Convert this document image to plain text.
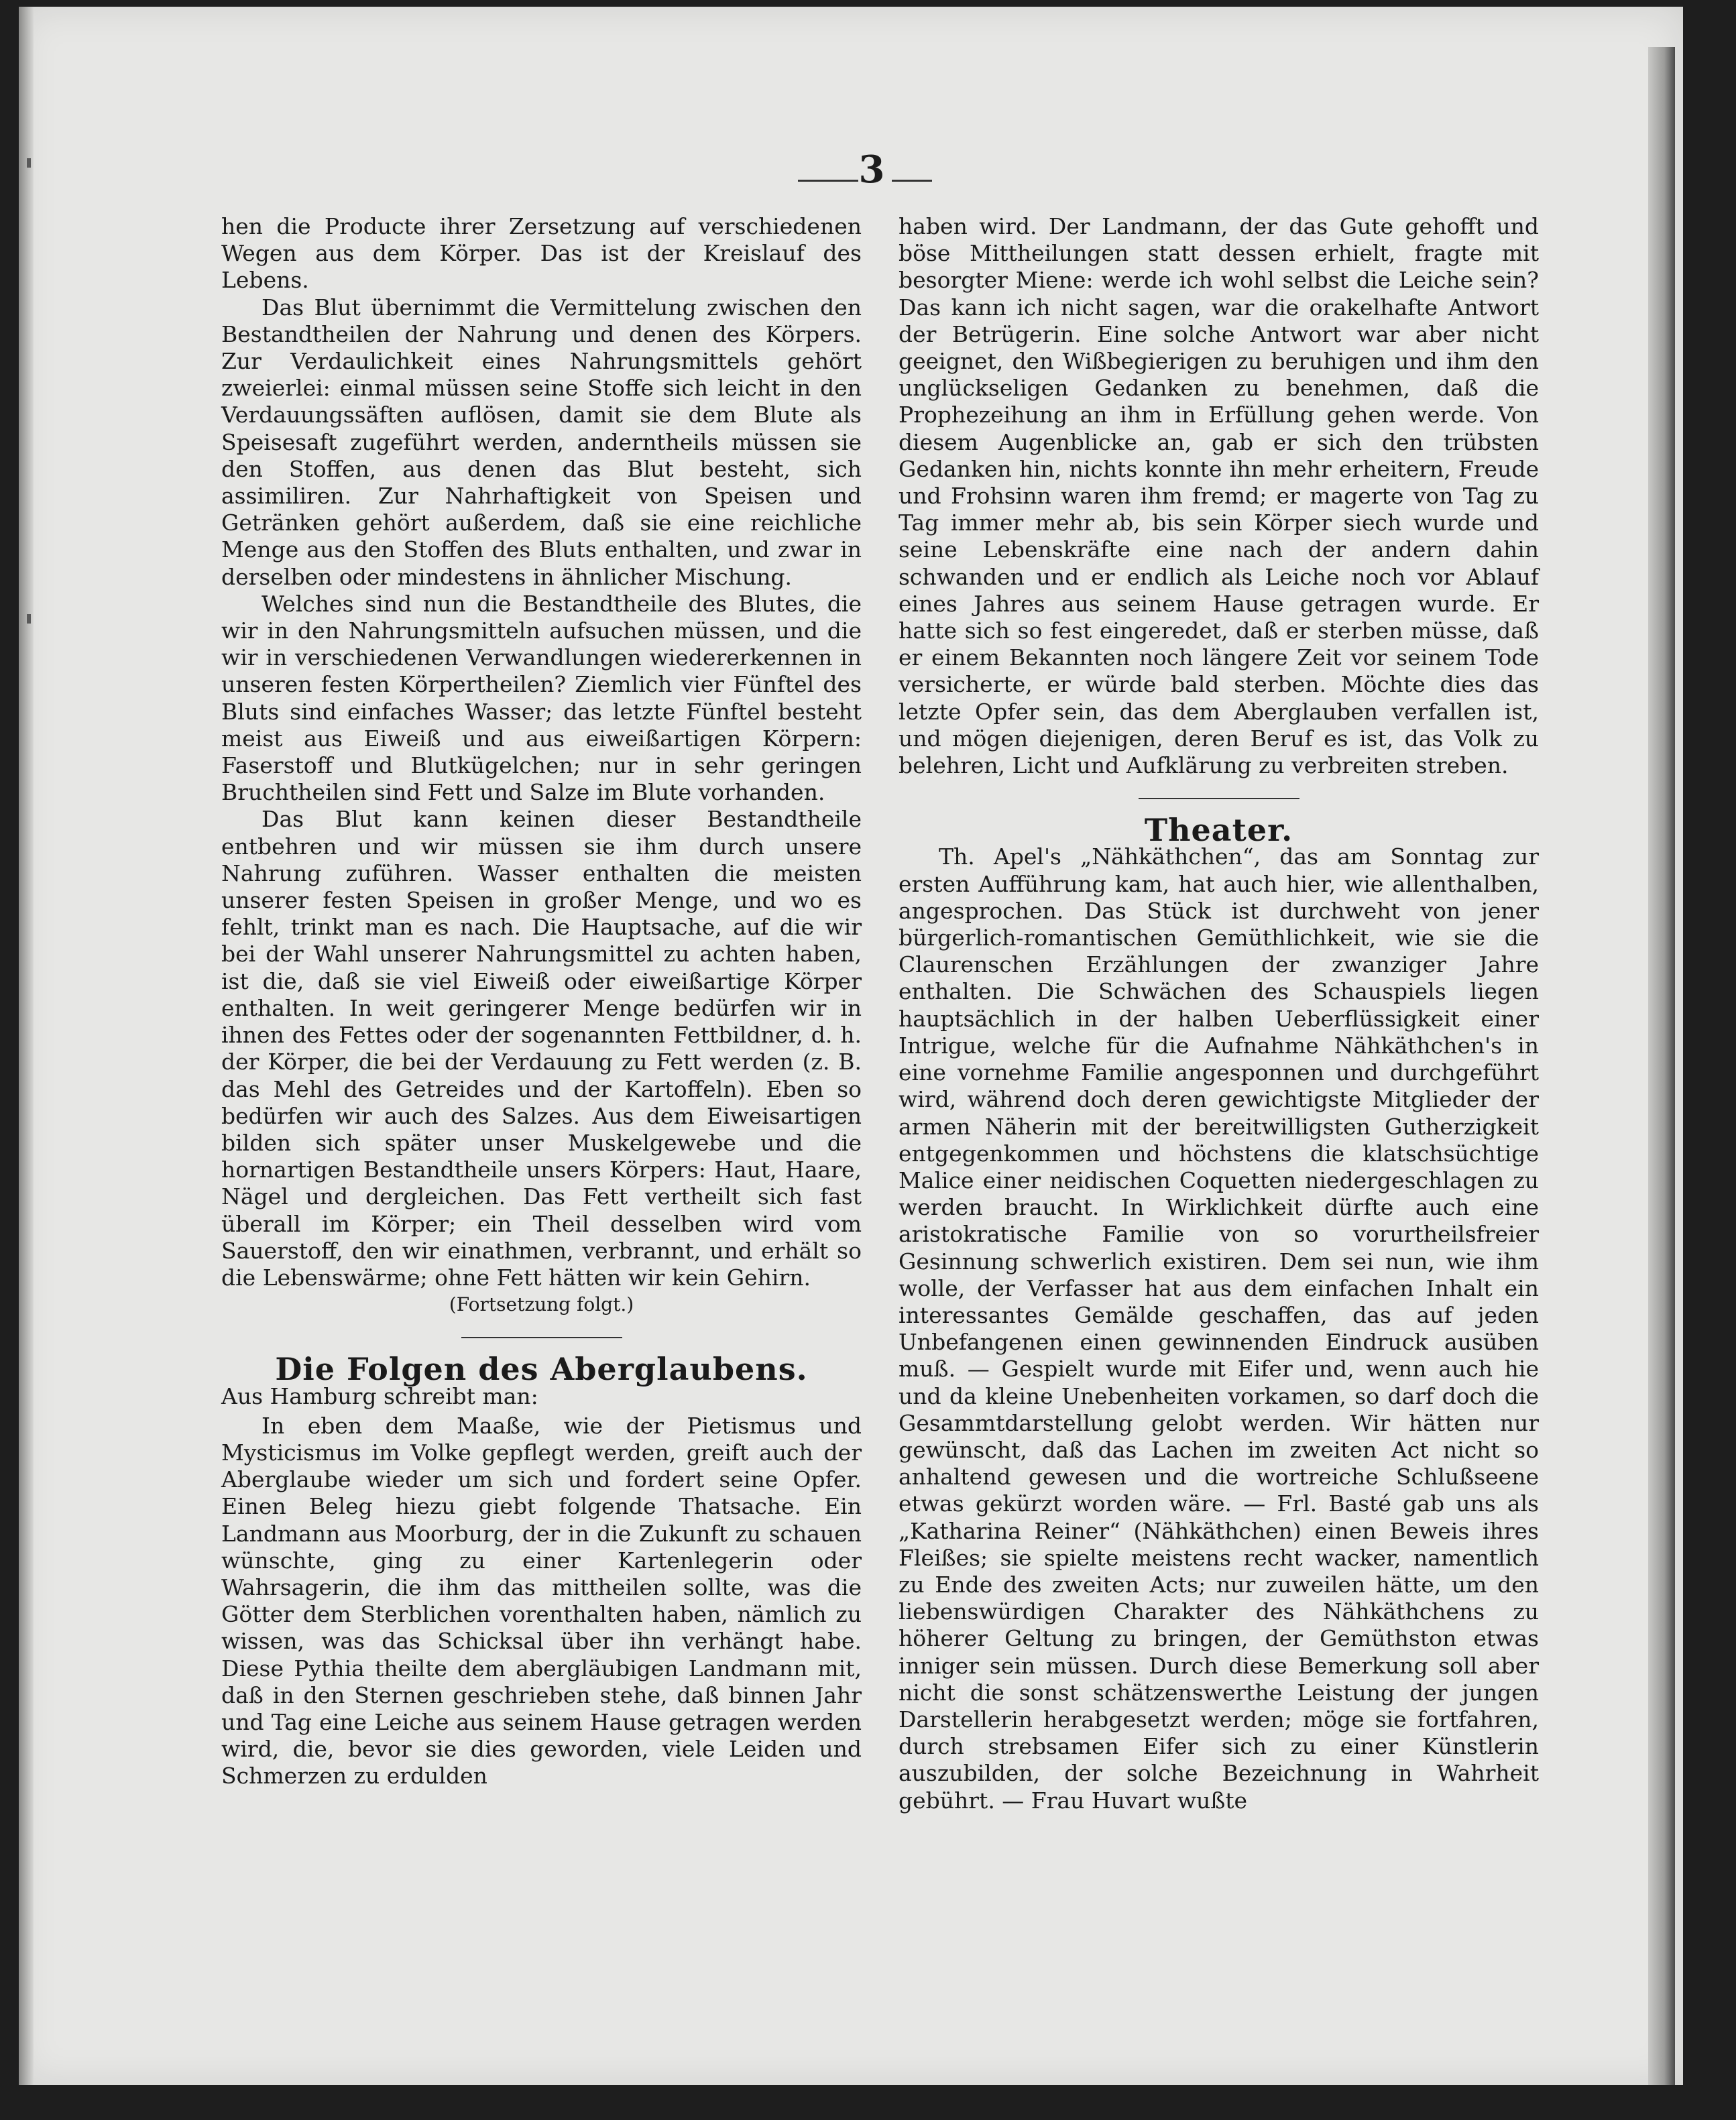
3

hen die Producte ihrer Zersetzung auf verschiedenen Wegen aus dem Körper. Das ist der Kreislauf des Lebens.

Das Blut übernimmt die Vermittelung zwischen den Bestandtheilen der Nahrung und denen des Körpers. Zur Verdaulichkeit eines Nahrungsmittels gehört zweierlei: einmal müssen seine Stoffe sich leicht in den Verdauungssäften auflösen, damit sie dem Blute als Speisesaft zugeführt werden, anderntheils müssen sie den Stoffen, aus denen das Blut besteht, sich assimiliren. Zur Nahrhaftigkeit von Speisen und Getränken gehört außerdem, daß sie eine reichliche Menge aus den Stoffen des Bluts enthalten, und zwar in derselben oder mindestens in ähnlicher Mischung.

Welches sind nun die Bestandtheile des Blutes, die wir in den Nahrungsmitteln aufsuchen müssen, und die wir in verschiedenen Verwandlungen wiedererkennen in unseren festen Körpertheilen? Ziemlich vier Fünftel des Bluts sind einfaches Wasser; das letzte Fünftel besteht meist aus Eiweiß und aus eiweißartigen Körpern: Faserstoff und Blutkügelchen; nur in sehr geringen Bruchtheilen sind Fett und Salze im Blute vorhanden.

Das Blut kann keinen dieser Bestandtheile entbehren und wir müssen sie ihm durch unsere Nahrung zuführen. Wasser enthalten die meisten unserer festen Speisen in großer Menge, und wo es fehlt, trinkt man es nach. Die Hauptsache, auf die wir bei der Wahl unserer Nahrungsmittel zu achten haben, ist die, daß sie viel Eiweiß oder eiweißartige Körper enthalten. In weit geringerer Menge bedürfen wir in ihnen des Fettes oder der sogenannten Fettbildner, d. h. der Körper, die bei der Verdauung zu Fett werden (z. B. das Mehl des Getreides und der Kartoffeln). Eben so bedürfen wir auch des Salzes. Aus dem Eiweisartigen bilden sich später unser Muskelgewebe und die hornartigen Bestandtheile unsers Körpers: Haut, Haare, Nägel und dergleichen. Das Fett vertheilt sich fast überall im Körper; ein Theil desselben wird vom Sauerstoff, den wir einathmen, verbrannt, und erhält so die Lebenswärme; ohne Fett hätten wir kein Gehirn.

(Fortsetzung folgt.)

Die Folgen des Aberglaubens.

Aus Hamburg schreibt man:

In eben dem Maaße, wie der Pietismus und Mysticismus im Volke gepflegt werden, greift auch der Aberglaube wieder um sich und fordert seine Opfer. Einen Beleg hiezu giebt folgende Thatsache. Ein Landmann aus Moorburg, der in die Zukunft zu schauen wünschte, ging zu einer Kartenlegerin oder Wahrsagerin, die ihm das mittheilen sollte, was die Götter dem Sterblichen vorenthalten haben, nämlich zu wissen, was das Schicksal über ihn verhängt habe. Diese Pythia theilte dem abergläubigen Landmann mit, daß in den Sternen geschrieben stehe, daß binnen Jahr und Tag eine Leiche aus seinem Hause getragen werden wird, die, bevor sie dies geworden, viele Leiden und Schmerzen zu erdulden

haben wird. Der Landmann, der das Gute gehofft und böse Mittheilungen statt dessen erhielt, fragte mit besorgter Miene: werde ich wohl selbst die Leiche sein? Das kann ich nicht sagen, war die orakelhafte Antwort der Betrügerin. Eine solche Antwort war aber nicht geeignet, den Wißbegierigen zu beruhigen und ihm den unglückseligen Gedanken zu benehmen, daß die Prophezeihung an ihm in Erfüllung gehen werde. Von diesem Augenblicke an, gab er sich den trübsten Gedanken hin, nichts konnte ihn mehr erheitern, Freude und Frohsinn waren ihm fremd; er magerte von Tag zu Tag immer mehr ab, bis sein Körper siech wurde und seine Lebenskräfte eine nach der andern dahin schwanden und er endlich als Leiche noch vor Ablauf eines Jahres aus seinem Hause getragen wurde. Er hatte sich so fest eingeredet, daß er sterben müsse, daß er einem Bekannten noch längere Zeit vor seinem Tode versicherte, er würde bald sterben. Möchte dies das letzte Opfer sein, das dem Aberglauben verfallen ist, und mögen diejenigen, deren Beruf es ist, das Volk zu belehren, Licht und Aufklärung zu verbreiten streben.

Theater.

Th. Apel's „Nähkäthchen“, das am Sonntag zur ersten Aufführung kam, hat auch hier, wie allenthalben, angesprochen. Das Stück ist durchweht von jener bürgerlich-romantischen Gemüthlichkeit, wie sie die Claurenschen Erzählungen der zwanziger Jahre enthalten. Die Schwächen des Schauspiels liegen hauptsächlich in der halben Ueberflüssigkeit einer Intrigue, welche für die Aufnahme Nähkäthchen's in eine vornehme Familie angesponnen und durchgeführt wird, während doch deren gewichtigste Mitglieder der armen Näherin mit der bereitwilligsten Gutherzigkeit entgegenkommen und höchstens die klatschsüchtige Malice einer neidischen Coquetten niedergeschlagen zu werden braucht. In Wirklichkeit dürfte auch eine aristokratische Familie von so vorurtheilsfreier Gesinnung schwerlich existiren. Dem sei nun, wie ihm wolle, der Verfasser hat aus dem einfachen Inhalt ein interessantes Gemälde geschaffen, das auf jeden Unbefangenen einen gewinnenden Eindruck ausüben muß. — Gespielt wurde mit Eifer und, wenn auch hie und da kleine Unebenheiten vorkamen, so darf doch die Gesammtdarstellung gelobt werden. Wir hätten nur gewünscht, daß das Lachen im zweiten Act nicht so anhaltend gewesen und die wortreiche Schlußseene etwas gekürzt worden wäre. — Frl. Basté gab uns als „Katharina Reiner“ (Nähkäthchen) einen Beweis ihres Fleißes; sie spielte meistens recht wacker, namentlich zu Ende des zweiten Acts; nur zuweilen hätte, um den liebenswürdigen Charakter des Nähkäthchens zu höherer Geltung zu bringen, der Gemüthston etwas inniger sein müssen. Durch diese Bemerkung soll aber nicht die sonst schätzenswerthe Leistung der jungen Darstellerin herabgesetzt werden; möge sie fortfahren, durch strebsamen Eifer sich zu einer Künstlerin auszubilden, der solche Bezeichnung in Wahrheit gebührt. — Frau Huvart wußte
